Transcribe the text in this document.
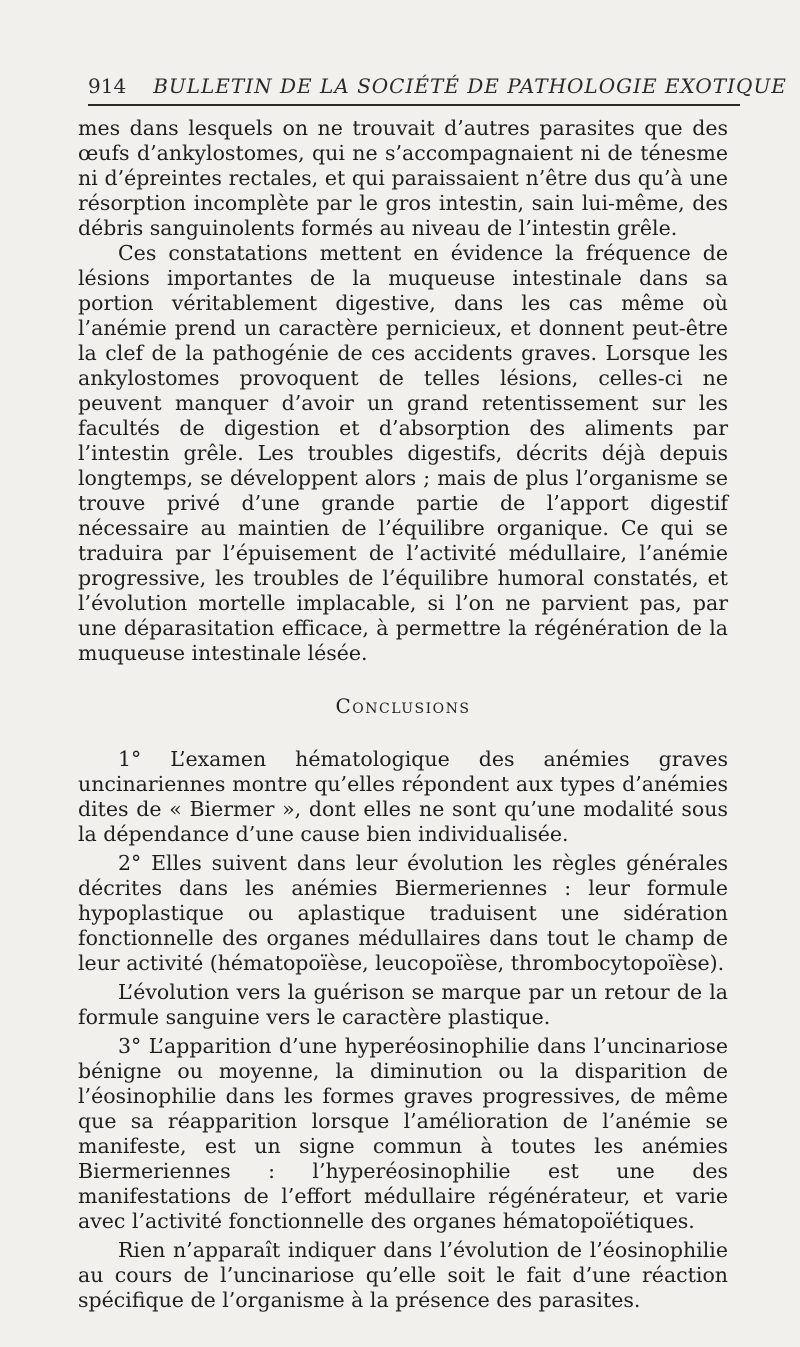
914 BULLETIN DE LA SOCIÉTÉ DE PATHOLOGIE EXOTIQUE

mes dans lesquels on ne trouvait d’autres parasites que des œufs d’ankylostomes, qui ne s’accompagnaient ni de ténesme ni d’épreintes rectales, et qui paraissaient n’être dus qu’à une résorption incomplète par le gros intestin, sain lui-même, des débris sanguinolents formés au niveau de l’intestin grêle.

Ces constatations mettent en évidence la fréquence de lésions importantes de la muqueuse intestinale dans sa portion véritablement digestive, dans les cas même où l’anémie prend un caractère pernicieux, et donnent peut-être la clef de la pathogénie de ces accidents graves. Lorsque les ankylostomes provoquent de telles lésions, celles-ci ne peuvent manquer d’avoir un grand retentissement sur les facultés de digestion et d’absorption des aliments par l’intestin grêle. Les troubles digestifs, décrits déjà depuis longtemps, se développent alors ; mais de plus l’organisme se trouve privé d’une grande partie de l’apport digestif nécessaire au maintien de l’équilibre organique. Ce qui se traduira par l’épuisement de l’activité médullaire, l’anémie progressive, les troubles de l’équilibre humoral constatés, et l’évolution mortelle implacable, si l’on ne parvient pas, par une déparasitation efficace, à permettre la régénération de la muqueuse intestinale lésée.

Conclusions

1° L’examen hématologique des anémies graves uncinariennes montre qu’elles répondent aux types d’anémies dites de « Biermer », dont elles ne sont qu’une modalité sous la dépendance d’une cause bien individualisée.

2° Elles suivent dans leur évolution les règles générales décrites dans les anémies Biermeriennes : leur formule hypoplastique ou aplastique traduisent une sidération fonctionnelle des organes médullaires dans tout le champ de leur activité (hématopoïèse, leucopoïèse, thrombocytopoïèse).

L’évolution vers la guérison se marque par un retour de la formule sanguine vers le caractère plastique.

3° L’apparition d’une hyperéosinophilie dans l’uncinariose bénigne ou moyenne, la diminution ou la disparition de l’éosinophilie dans les formes graves progressives, de même que sa réapparition lorsque l’amélioration de l’anémie se manifeste, est un signe commun à toutes les anémies Biermeriennes : l’hyperéosinophilie est une des manifestations de l’effort médullaire régénérateur, et varie avec l’activité fonctionnelle des organes hématopoïétiques.

Rien n’apparaît indiquer dans l’évolution de l’éosinophilie au cours de l’uncinariose qu’elle soit le fait d’une réaction spécifique de l’organisme à la présence des parasites.
